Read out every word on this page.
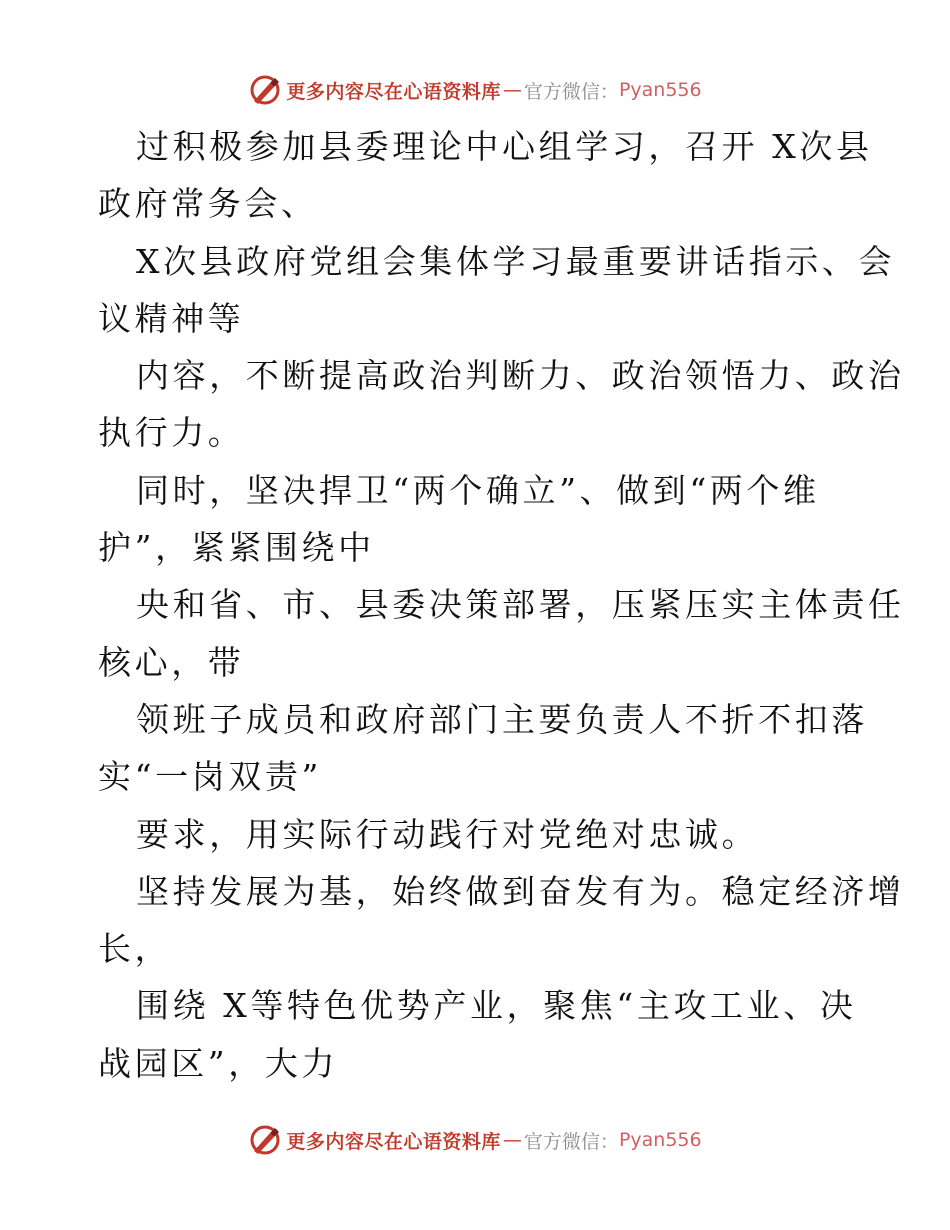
更多内容尽在心语资料库 — 官方微信： Pyan556
过积极参加县委理论中心组学习，召开 X次县
政府常务会、
X次县政府党组会集体学习最重要讲话指示、会
议精神等
内容，不断提高政治判断力、政治领悟力、政治
执行力。
同时，坚决捍卫“两个确立”、做到“两个维
护”，紧紧围绕中
央和省、市、县委决策部署，压紧压实主体责任
核心，带
领班子成员和政府部门主要负责人不折不扣落
实“一岗双责”
要求，用实际行动践行对党绝对忠诚。
坚持发展为基，始终做到奋发有为。稳定经济增
长，
围绕 X等特色优势产业，聚焦“主攻工业、决
战园区”，大力
更多内容尽在心语资料库 — 官方微信： Pyan556
